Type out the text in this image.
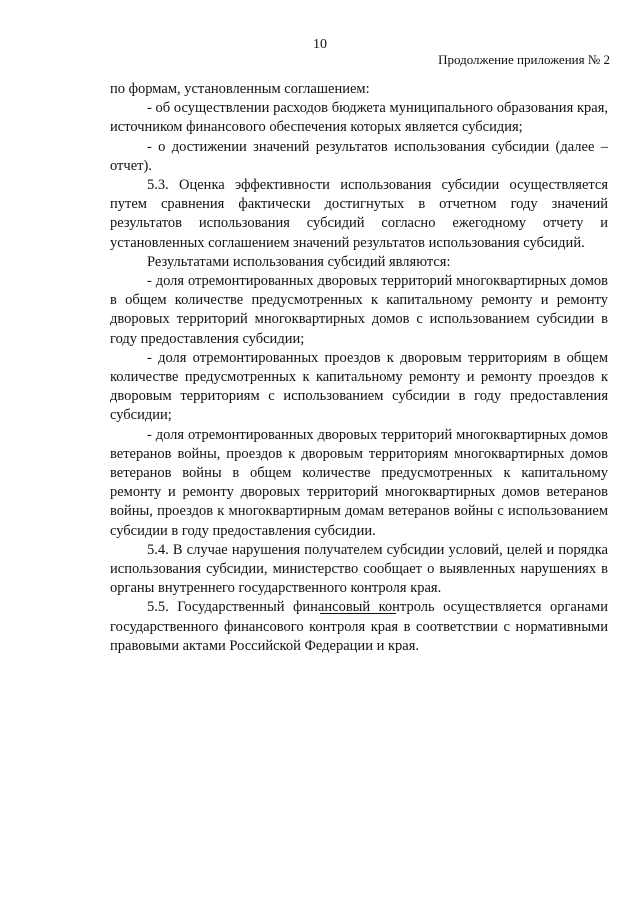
10
Продолжение приложения № 2

по формам, установленным соглашением:

- об осуществлении расходов бюджета муниципального образования края, источником финансового обеспечения которых является субсидия;

- о достижении значений результатов использования субсидии (далее – отчет).

5.3. Оценка эффективности использования субсидии осуществляется путем сравнения фактически достигнутых в отчетном году значений результатов использования субсидий согласно ежегодному отчету и установленных соглашением значений результатов использования субсидий.

Результатами использования субсидий являются:

- доля отремонтированных дворовых территорий многоквартирных домов в общем количестве предусмотренных к капитальному ремонту и ремонту дворовых территорий многоквартирных домов с использованием субсидии в году предоставления субсидии;

- доля отремонтированных проездов к дворовым территориям в общем количестве предусмотренных к капитальному ремонту и ремонту проездов к дворовым территориям с использованием субсидии в году предоставления субсидии;

- доля отремонтированных дворовых территорий многоквартирных домов ветеранов войны, проездов к дворовым территориям многоквартирных домов ветеранов войны в общем количестве предусмотренных к капитальному ремонту и ремонту дворовых территорий многоквартирных домов ветеранов войны, проездов к многоквартирным домам ветеранов войны с использованием субсидии в году предоставления субсидии.

5.4. В случае нарушения получателем субсидии условий, целей и порядка использования субсидии, министерство сообщает о выявленных нарушениях в органы внутреннего государственного контроля края.

5.5. Государственный финансовый контроль осуществляется органами государственного финансового контроля края в соответствии с нормативными правовыми актами Российской Федерации и края.
